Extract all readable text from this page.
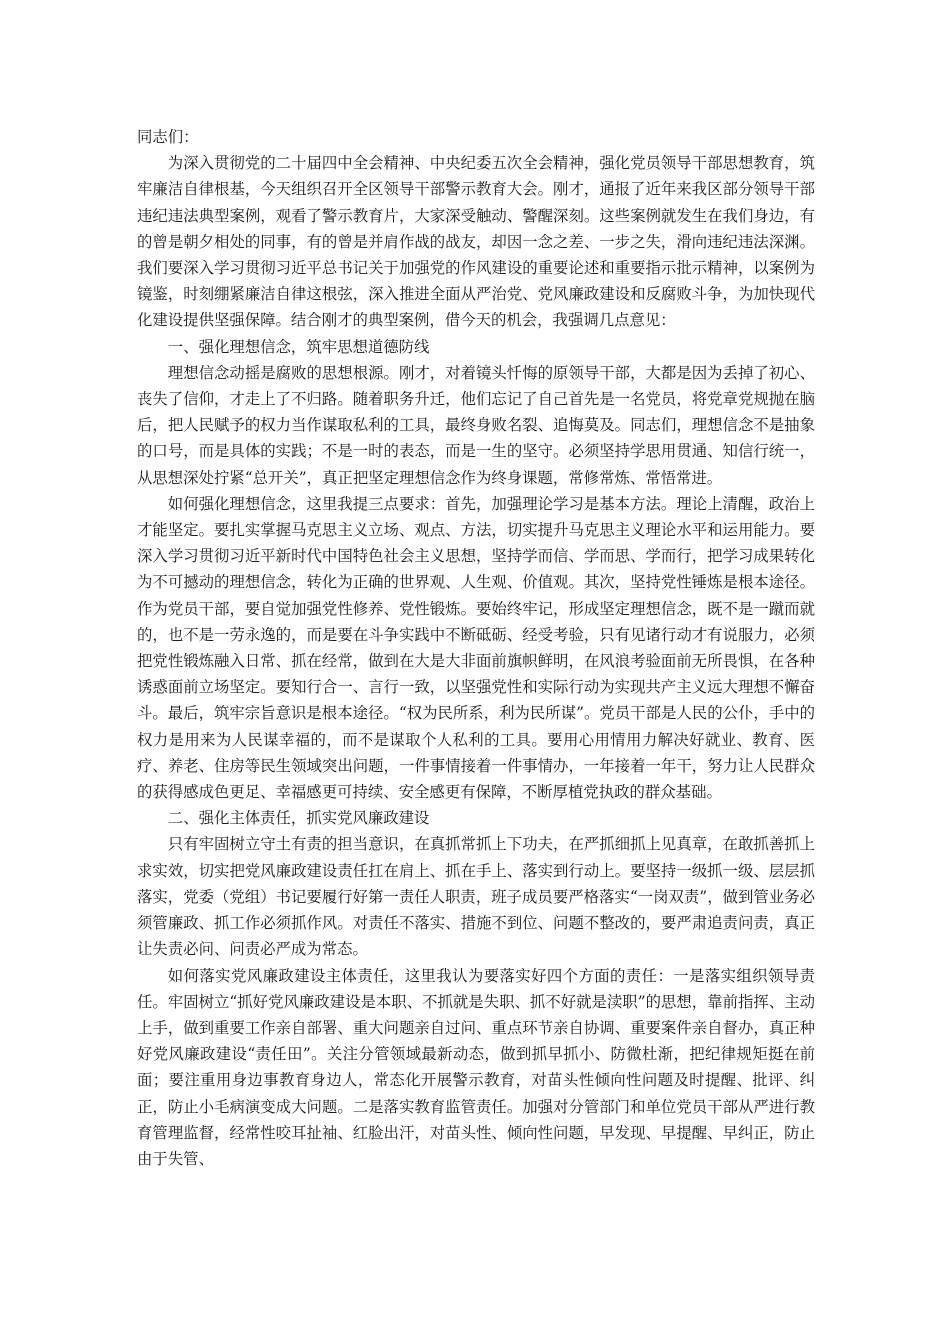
同志们：

为深入贯彻党的二十届四中全会精神、中央纪委五次全会精神，强化党员领导干部思想教育，筑牢廉洁自律根基，今天组织召开全区领导干部警示教育大会。刚才，通报了近年来我区部分领导干部违纪违法典型案例，观看了警示教育片，大家深受触动、警醒深刻。这些案例就发生在我们身边，有的曾是朝夕相处的同事，有的曾是并肩作战的战友，却因一念之差、一步之失，滑向违纪违法深渊。我们要深入学习贯彻习近平总书记关于加强党的作风建设的重要论述和重要指示批示精神，以案例为镜鉴，时刻绷紧廉洁自律这根弦，深入推进全面从严治党、党风廉政建设和反腐败斗争，为加快现代化建设提供坚强保障。结合刚才的典型案例，借今天的机会，我强调几点意见：

一、强化理想信念，筑牢思想道德防线

理想信念动摇是腐败的思想根源。刚才，对着镜头忏悔的原领导干部，大都是因为丢掉了初心、丧失了信仰，才走上了不归路。随着职务升迁，他们忘记了自己首先是一名党员，将党章党规抛在脑后，把人民赋予的权力当作谋取私利的工具，最终身败名裂、追悔莫及。同志们，理想信念不是抽象的口号，而是具体的实践；不是一时的表态，而是一生的坚守。必须坚持学思用贯通、知信行统一，从思想深处拧紧“总开关”，真正把坚定理想信念作为终身课题，常修常炼、常悟常进。

如何强化理想信念，这里我提三点要求：首先，加强理论学习是基本方法。理论上清醒，政治上才能坚定。要扎实掌握马克思主义立场、观点、方法，切实提升马克思主义理论水平和运用能力。要深入学习贯彻习近平新时代中国特色社会主义思想，坚持学而信、学而思、学而行，把学习成果转化为不可撼动的理想信念，转化为正确的世界观、人生观、价值观。其次，坚持党性锤炼是根本途径。作为党员干部，要自觉加强党性修养、党性锻炼。要始终牢记，形成坚定理想信念，既不是一蹴而就的，也不是一劳永逸的，而是要在斗争实践中不断砥砺、经受考验，只有见诸行动才有说服力，必须把党性锻炼融入日常、抓在经常，做到在大是大非面前旗帜鲜明，在风浪考验面前无所畏惧，在各种诱惑面前立场坚定。要知行合一、言行一致，以坚强党性和实际行动为实现共产主义远大理想不懈奋斗。最后，筑牢宗旨意识是根本途径。“权为民所系，利为民所谋”。党员干部是人民的公仆，手中的权力是用来为人民谋幸福的，而不是谋取个人私利的工具。要用心用情用力解决好就业、教育、医疗、养老、住房等民生领域突出问题，一件事情接着一件事情办，一年接着一年干，努力让人民群众的获得感成色更足、幸福感更可持续、安全感更有保障，不断厚植党执政的群众基础。

二、强化主体责任，抓实党风廉政建设

只有牢固树立守土有责的担当意识，在真抓常抓上下功夫，在严抓细抓上见真章，在敢抓善抓上求实效，切实把党风廉政建设责任扛在肩上、抓在手上、落实到行动上。要坚持一级抓一级、层层抓落实，党委（党组）书记要履行好第一责任人职责，班子成员要严格落实“一岗双责”，做到管业务必须管廉政、抓工作必须抓作风。对责任不落实、措施不到位、问题不整改的，要严肃追责问责，真正让失责必问、问责必严成为常态。

如何落实党风廉政建设主体责任，这里我认为要落实好四个方面的责任：一是落实组织领导责任。牢固树立“抓好党风廉政建设是本职、不抓就是失职、抓不好就是渎职”的思想，靠前指挥、主动上手，做到重要工作亲自部署、重大问题亲自过问、重点环节亲自协调、重要案件亲自督办，真正种好党风廉政建设“责任田”。关注分管领域最新动态，做到抓早抓小、防微杜渐，把纪律规矩挺在前面；要注重用身边事教育身边人，常态化开展警示教育，对苗头性倾向性问题及时提醒、批评、纠正，防止小毛病演变成大问题。二是落实教育监管责任。加强对分管部门和单位党员干部从严进行教育管理监督，经常性咬耳扯袖、红脸出汗，对苗头性、倾向性问题，早发现、早提醒、早纠正，防止由于失管、
